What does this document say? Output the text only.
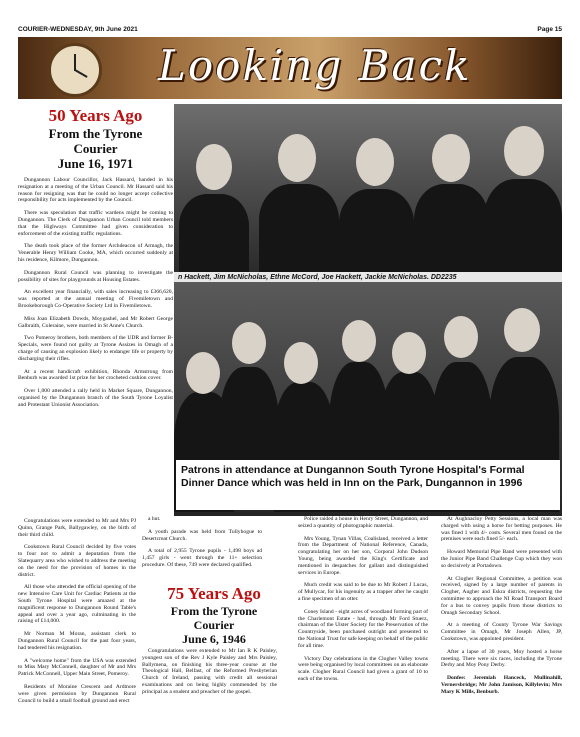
COURIER-WEDNESDAY, 9th June 2021	Page 15
Looking Back
50 Years Ago
From the Tyrone
Courier
June 16, 1971

Dungannon Labour Councillor, Jack Hassard, handed in his resignation at a meeting of the Urban Council. Mr Hassard said his reason for resigning was that he could no longer accept collective responsibility for acts implemented by the Council.

There was speculation that traffic wardens might be coming to Dungannon. The Clerk of Dungannon Urban Council told members that the Highways Committee had given consideration to enforcement of the existing traffic regulations.

The death took place of the former Archdeacon of Armagh, the Venerable Henry William Cooke, MA, which occurred suddenly at his residence, Kilmore, Dungannon.

Dungannon Rural Council was planning to investigate the possibility of sites for playgrounds at Housing Estates.

An excellent year financially, with sales increasing to £366,620, was reported at the annual meeting of Fivemiletown and Brookeborough Co-Operative Society Ltd in Fivemiletown.

Miss Joan Elizabeth Dowds, Moygashel, and Mr Robert George Galbraith, Coleraine, were married in St Anne's Church.

Two Pomeroy brothers, both members of the UDR and former B-Specials, were found not guilty at Tyrone Assizes in Omagh of a charge of causing an explosion likely to endanger life or property by discharging their rifles.

At a recent handicraft exhibition, Rhonda Armstrong from Benburb was awarded 1st prize for her crocheted cushion cover.

Over 1,000 attended a rally held in Market Square, Dungannon, organised by the Dungannon branch of the South Tyrone Loyalist and Protestant Unionist Association.

n Hackett, Jim McNicholas, Ethne McCord, Joe Hackett, Jackie McNicholas. DD2235
Patrons in attendance at Dungannon South Tyrone Hospital's Formal Dinner Dance which was held in Inn on the Park, Dungannon in 1996

Congratulations were extended to Mr and Mrs PJ Quinn, Grange Park, Ballygawley, on the birth of their third child.

Cookstown Rural Council decided by five votes to four not to admit a deputation from the Slatequarry area who wished to address the meeting on the need for the provision of homes in the district.

All those who attended the official opening of the new Intensive Care Unit for Cardiac Patients at the South Tyrone Hospital were amazed at the magnificent response to Dungannon Round Table's appeal and over a year ago, culminating in the raising of £14,000.

Mr Norman M Moran, assistant clerk to Dungannon Rural Council for the past four years, had tendered his resignation.

A "welcome home" from the USA was extended to Miss Mary McConnell, daughter of Mr and Mrs Patrick McConnell, Upper Main Street, Pomeroy.

Residents of Moraine Crescent and Ardmore were given permission by Dungannon Rural Council to build a small football ground and erect

a hut.

A youth parade was held from Tullyhogue to Desertcreat Church.

A total of 2,955 Tyrone pupils - 1,498 boys ad 1,457 girls - went through the 11+ selection procedure. Of these, 749 were declared qualified.

75 Years Ago
From the Tyrone
Courier
June 6, 1946

Congratulations were extended to Mr Ian R K Paisley, youngest son of the Rev J Kyle Paisley and Mrs Paisley, Ballymena, on finishing his three-year course at the Theological Hall, Belfast, of the Reformed Presbyterian Church of Ireland, passing with credit all sessional examinations and on being highly commended by the principal as a student and preacher of the gospel.

Police raided a house in Henry Street, Dungannon, and seized a quantity of photographic material.

Mrs Young, Tynan Villas, Coalisland, received a letter from the Department of National Reference, Canada, congratulating her on her son, Corporal John Dudson Young, being awarded the King's Certificate and mentioned in despatches for gallant and distinguished services in Europe.

Much credit was said to be due to Mr Robert J Lucas, of Mullycar, for his ingenuity as a trapper after he caught a fine specimen of an otter.

Coney Island - eight acres of woodland forming part of the Charlemont Estate - had, through Mr Ford Stuerz, chairman of the Ulster Society for the Preservation of the Countryside, been purchased outright and presented to the National Trust for safe keeping on behalf of the public for all time.

Victory Day celebrations in the Clogher Valley towns were being organised by local committees on an elaborate scale. Clogher Rural Council had given a grant of 10 to each of the towns.

At Aughnacloy Petty Sessions, a local man was charged with using a horse for betting purposes. He was fined 1 with 4/- costs. Several men found on the premises were each fined 5/- each.

Howard Memorial Pipe Band were presented with the Junior Pipe Band Challenge Cup which they won so decisively at Portadown.

At Clogher Regional Committee, a petition was received, signed by a large number of parents in Clogher, Augher and Eskra districts, requesting the committee to approach the NI Road Transport Board for a bus to convey pupils from those districts to Omagh Secondary School.

At a meeting of County Tyrone War Savings Committee in Omagh, Mr Joseph Allen, JP, Cookstown, was appointed president.

After a lapse of 30 years, Moy hosted a horse meeting. There were six races, including the Tyrone Derby and Moy Pony Derby.

Donfee: Jeremiah Hanceck, Mullinahill, Vernersbridge; Mr John Jamison, Killylevin; Mrs Mary K Mills, Benburb.
